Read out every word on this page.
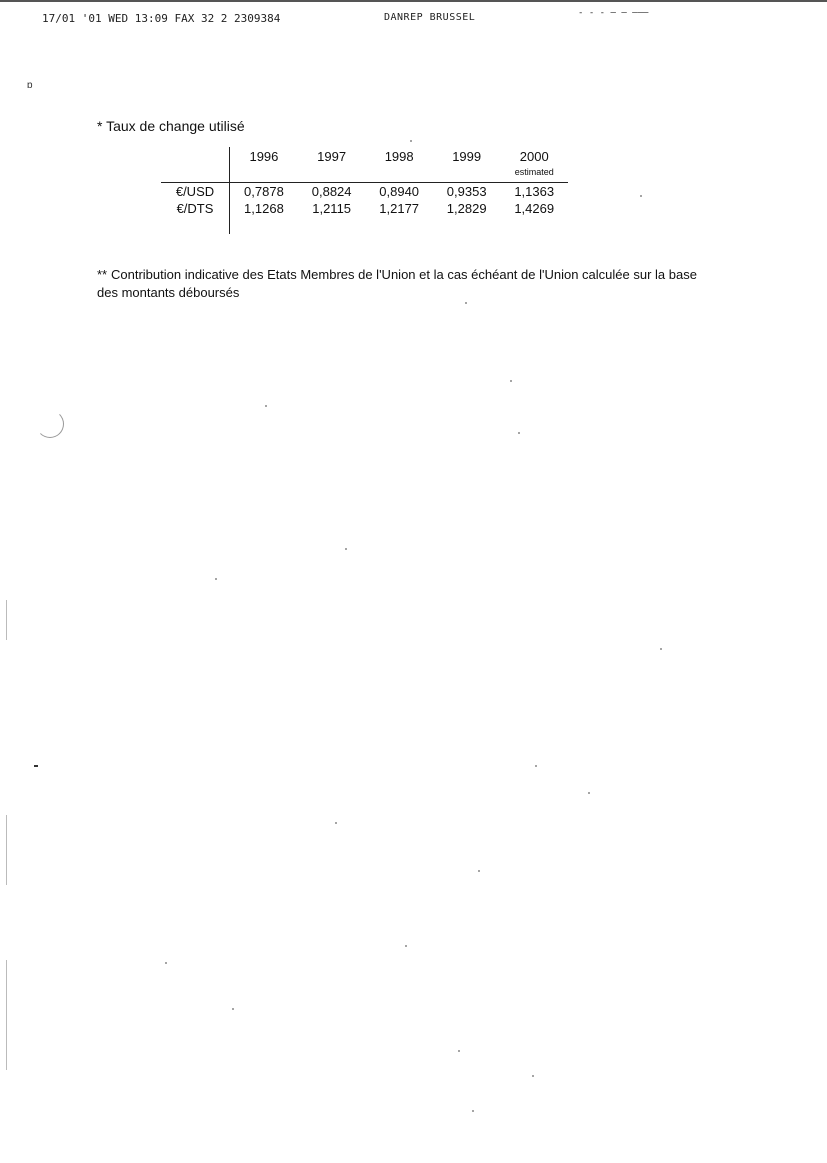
17/01 '01 WED 13:09 FAX 32 2 2309384	DANREP BRUSSEL	- - - — — ———
ɒ
* Taux de change utilisé
	1996	1997	1998	1999	2000
estimated

€/USD	0,7878	0,8824	0,8940	0,9353	1,1363
€/DTS	1,1268	1,2115	1,2177	1,2829	1,4269

** Contribution indicative des Etats Membres de l'Union et la cas échéant de l'Union calculée sur la base des montants déboursés
